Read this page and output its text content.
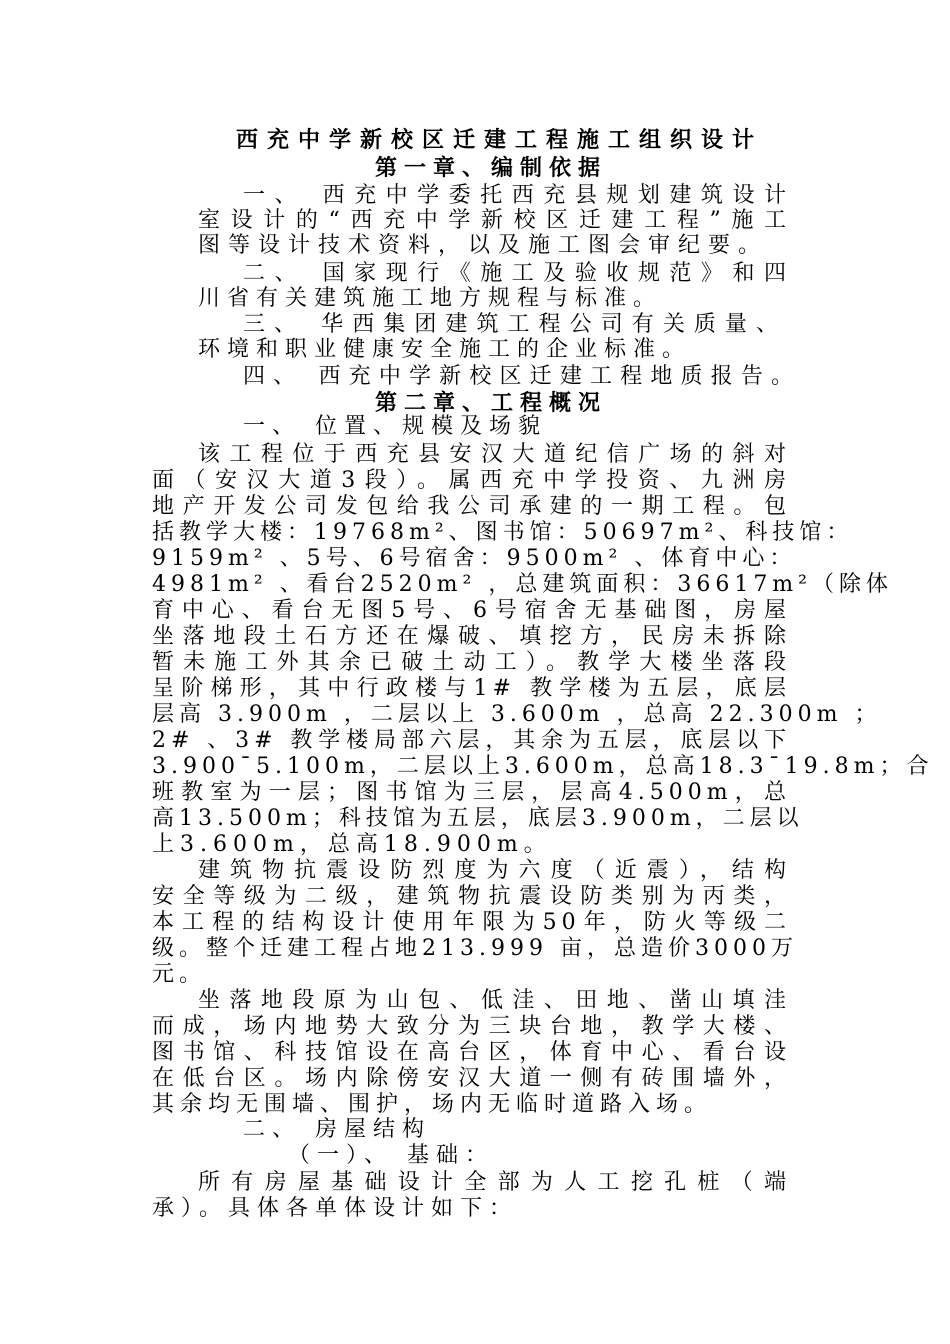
西充中学新校区迁建工程施工组织设计
第一章、编制依据
一、 西充中学委托西充县规划建筑设计
室设计的“西充中学新校区迁建工程”施工
图等设计技术资料，以及施工图会审纪要。
二、 国家现行《施工及验收规范》和四
川省有关建筑施工地方规程与标准。
三、 华西集团建筑工程公司有关质量、
环境和职业健康安全施工的企业标准。
四、 西充中学新校区迁建工程地质报告。
第二章、工程概况
一、 位置、规模及场貌
该工程位于西充县安汉大道纪信广场的斜对
面（安汉大道3段）。属西充中学投资、九洲房
地产开发公司发包给我公司承建的一期工程。包
括教学大楼：19768m²、图书馆：50697m²、科技馆：
9159m² 、5号、6号宿舍：9500m² 、体育中心：
4981m² 、看台2520m² ，总建筑面积：36617m²（除体
育中心、看台无图5号、6号宿舍无基础图，房屋
坐落地段土石方还在爆破、填挖方，民房未拆除
暂未施工外其余已破土动工）。教学大楼坐落段
呈阶梯形，其中行政楼与1# 教学楼为五层，底层
层高 3.900m ，二层以上 3.600m ，总高 22.300m ；
2# 、3# 教学楼局部六层，其余为五层，底层以下
3.900¯5.100m，二层以上3.600m，总高18.3¯19.8m；合
班教室为一层；图书馆为三层，层高4.500m，总
高13.500m；科技馆为五层，底层3.900m，二层以
上3.600m，总高18.900m。
建筑物抗震设防烈度为六度（近震），结构
安全等级为二级，建筑物抗震设防类别为丙类，
本工程的结构设计使用年限为50年，防火等级二
级。整个迁建工程占地213.999 亩，总造价3000万
元。
坐落地段原为山包、低洼、田地、凿山填洼
而成，场内地势大致分为三块台地，教学大楼、
图书馆、科技馆设在高台区，体育中心、看台设
在低台区。场内除傍安汉大道一侧有砖围墙外，
其余均无围墙、围护，场内无临时道路入场。
二、 房屋结构
（一）、 基础：
所有房屋基础设计全部为人工挖孔桩（端
承）。具体各单体设计如下：
